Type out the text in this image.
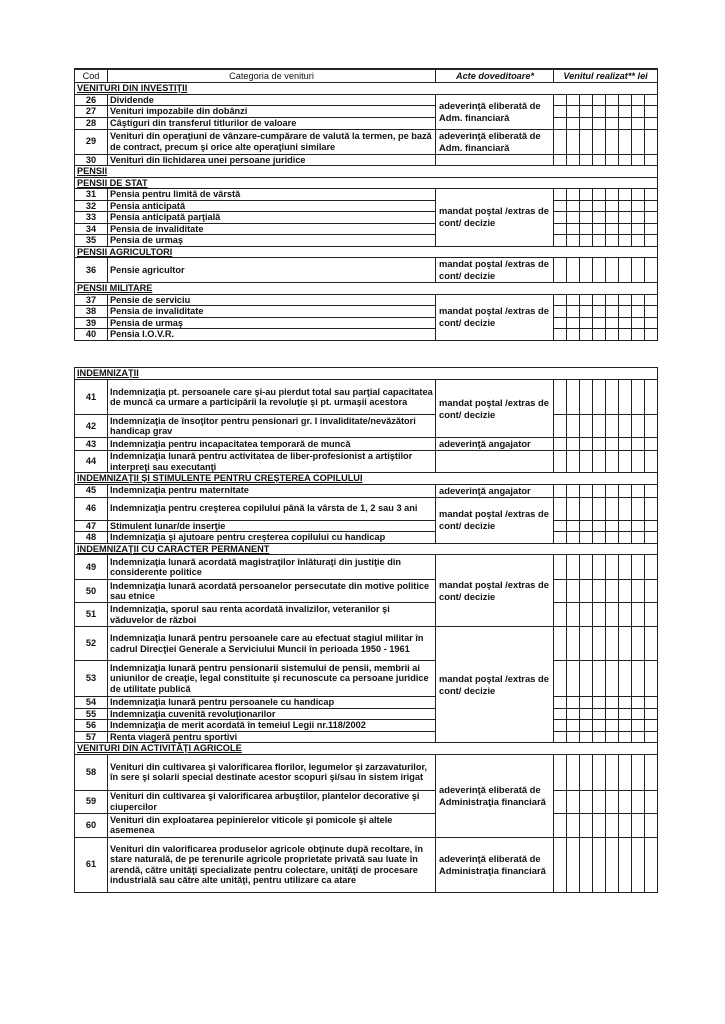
Cod	Categoria de venituri	Acte doveditoare*	Venitul realizat** lei							
VENITURI DIN INVESTIŢII										
26	Dividende	adeverinţă eliberată de Adm. financiară								
27	Venituri impozabile din dobânzi									
28	Câştiguri din transferul titlurilor de valoare									
29	Venituri din operaţiuni de vânzare-cumpărare de valută la termen, pe bază de contract, precum şi orice alte operaţiuni similare	adeverinţă eliberată de Adm. financiară								
30	Venituri din lichidarea unei persoane juridice									
PENSII										
PENSII DE STAT										
31	Pensia pentru limită de vârstă	mandat poştal /extras de cont/ decizie								
32	Pensia anticipată									
33	Pensia anticipată parţială									
34	Pensia de invaliditate									
35	Pensia de urmaş									
PENSII AGRICULTORI										
36	Pensie agricultor	mandat poştal /extras de cont/ decizie								
PENSII MILITARE										
37	Pensie de serviciu	mandat poştal /extras de cont/ decizie								
38	Pensia de invaliditate									
39	Pensia de urmaş									
40	Pensia I.O.V.R.									
INDEMNIZAŢII										
41	Indemnizaţia pt. persoanele care şi-au pierdut total sau parţial capacitatea de muncă ca urmare a participării la revoluţie şi pt. urmaşii acestora	mandat poştal /extras de cont/ decizie								
42	Indemnizaţia de însoţitor pentru pensionari gr. I invaliditate/nevăzători handicap grav									
43	Indemnizaţia pentru incapacitatea temporară de muncă	adeverinţă angajator								
44	Indemnizaţia lunară pentru activitatea de liber-profesionist a artiştilor interpreţi sau executanţi									
INDEMNIZAŢII ŞI STIMULENTE PENTRU CREŞTEREA COPILULUI										
45	Indemnizaţia pentru maternitate	adeverinţă angajator								
46	Indemnizaţia pentru creşterea copilului până la vârsta de 1, 2 sau 3 ani	mandat poştal /extras de cont/ decizie								
47	Stimulent lunar/de inserţie									
48	Indemnizaţia şi ajutoare pentru creşterea copilului cu handicap									
INDEMNIZAŢII CU CARACTER PERMANENT										
49	Indemnizaţia lunară acordată magistraţilor înlăturaţi din justiţie din considerente politice	mandat poştal /extras de cont/ decizie								
50	Indemnizaţia lunară acordată persoanelor persecutate din motive politice sau etnice									
51	Indemnizaţia, sporul sau renta acordată invalizilor, veteranilor şi văduvelor de război									
52	Indemnizaţia lunară pentru persoanele care au efectuat stagiul militar în cadrul Direcţiei Generale a Serviciului Muncii în perioada 1950 - 1961	mandat poştal /extras de cont/ decizie								
53	Indemnizaţia lunară pentru pensionarii sistemului de pensii, membrii ai uniunilor de creaţie, legal constituite şi recunoscute ca persoane juridice de utilitate publică									
54	Indemnizaţia lunară pentru persoanele cu handicap									
55	Indemnizaţia cuvenită revoluţionarilor									
56	Indemnizaţia de merit acordată în temeiul Legii nr.118/2002									
57	Renta viageră pentru sportivi									
VENITURI DIN ACTIVITĂŢI AGRICOLE										
58	Venituri din cultivarea şi valorificarea florilor, legumelor şi zarzavaturilor, în sere şi solarii special destinate acestor scopuri şi/sau în sistem irigat	adeverinţă eliberată de Administraţia financiară								
59	Venituri din cultivarea şi valorificarea arbuştilor, plantelor decorative şi ciupercilor									
60	Venituri din exploatarea pepinierelor viticole şi pomicole şi altele asemenea									
61	Venituri din valorificarea produselor agricole obţinute după recoltare, în stare naturală, de pe terenurile agricole proprietate privată sau luate în arendă, către unităţi specializate pentru colectare, unităţi de procesare industrială sau către alte unităţi, pentru utilizare ca atare	adeverinţă eliberată de Administraţia financiară								
